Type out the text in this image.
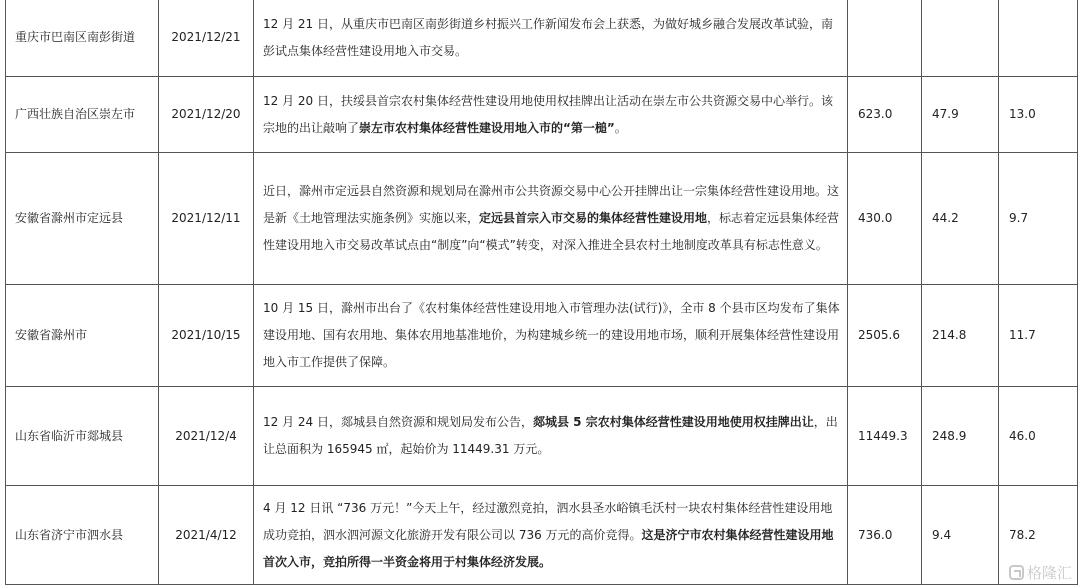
重庆市巴南区南彭街道	2021/12/21	12 月 21 日，从重庆市巴南区南彭街道乡村振兴工作新闻发布会上获悉，为做好城乡融合发展改革试验，南彭试点集体经营性建设用地入市交易。			
广西壮族自治区崇左市	2021/12/20	12 月 20 日，扶绥县首宗农村集体经营性建设用地使用权挂牌出让活动在崇左市公共资源交易中心举行。该宗地的出让敲响了崇左市农村集体经营性建设用地入市的“第一槌”。	623.0	47.9	13.0
安徽省滁州市定远县	2021/12/11	近日，滁州市定远县自然资源和规划局在滁州市公共资源交易中心公开挂牌出让一宗集体经营性建设用地。这是新《土地管理法实施条例》实施以来，定远县首宗入市交易的集体经营性建设用地，标志着定远县集体经营性建设用地入市交易改革试点由“制度”向“模式”转变，对深入推进全县农村土地制度改革具有标志性意义。	430.0	44.2	9.7
安徽省滁州市	2021/10/15	10 月 15 日，滁州市出台了《农村集体经营性建设用地入市管理办法(试行)》，全市 8 个县市区均发布了集体建设用地、国有农用地、集体农用地基准地价，为构建城乡统一的建设用地市场，顺利开展集体经营性建设用地入市工作提供了保障。	2505.6	214.8	11.7
山东省临沂市郯城县	2021/12/4	12 月 24 日，郯城县自然资源和规划局发布公告，郯城县 5 宗农村集体经营性建设用地使用权挂牌出让，出让总面积为 165945 ㎡，起始价为 11449.31 万元。	11449.3	248.9	46.0
山东省济宁市泗水县	2021/4/12	4 月 12 日讯 “736 万元！”今天上午，经过激烈竞拍，泗水县圣水峪镇毛沃村一块农村集体经营性建设用地成功竞拍，泗水泗河源文化旅游开发有限公司以 736 万元的高价竞得。这是济宁市农村集体经营性建设用地首次入市，竞拍所得一半资金将用于村集体经济发展。	736.0	9.4	78.2
格隆汇
